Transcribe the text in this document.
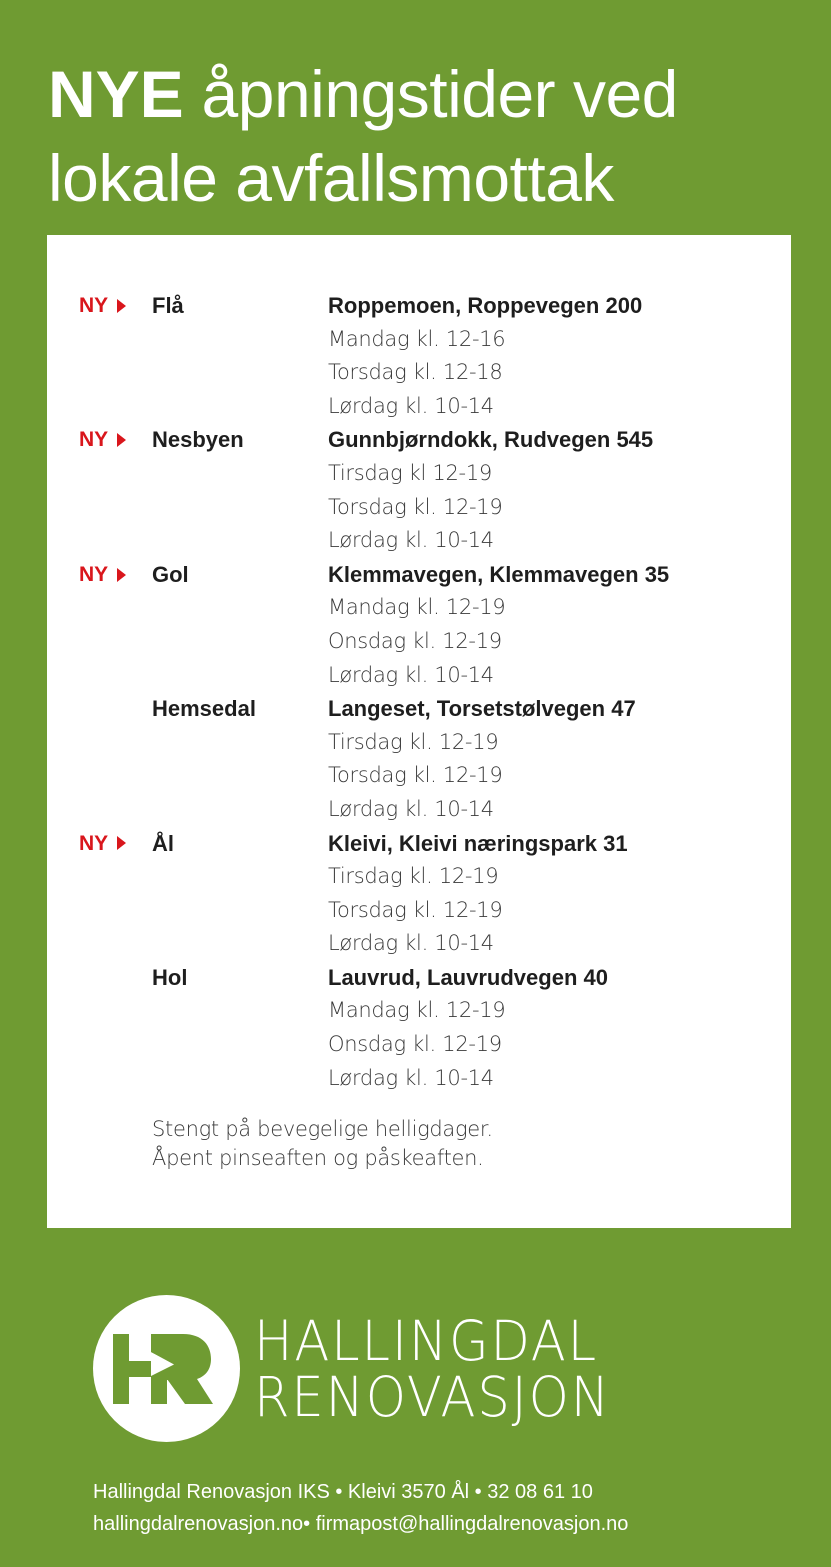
NYE åpningstider ved
lokale avfallsmottak
NY Flå	Roppemoen, Roppevegen 200
Mandag kl. 12-16
Torsdag kl. 12-18
Lørdag kl. 10-14
NY Nesbyen	Gunnbjørndokk, Rudvegen 545
Tirsdag kl 12-19
Torsdag kl. 12-19
Lørdag kl. 10-14
NY Gol	Klemmavegen, Klemmavegen 35
Mandag kl. 12-19
Onsdag kl. 12-19
Lørdag kl. 10-14
Hemsedal	Langeset, Torsetstølvegen 47
Tirsdag kl. 12-19
Torsdag kl. 12-19
Lørdag kl. 10-14
NY Ål	Kleivi, Kleivi næringspark 31
Tirsdag kl. 12-19
Torsdag kl. 12-19
Lørdag kl. 10-14
Hol	Lauvrud, Lauvrudvegen 40
Mandag kl. 12-19
Onsdag kl. 12-19
Lørdag kl. 10-14
Stengt på bevegelige helligdager.
Åpent pinseaften og påskeaften.
HALLINGDAL
RENOVASJON
Hallingdal Renovasjon IKS • Kleivi 3570 Ål • 32 08 61 10
hallingdalrenovasjon.no• firmapost@hallingdalrenovasjon.no
